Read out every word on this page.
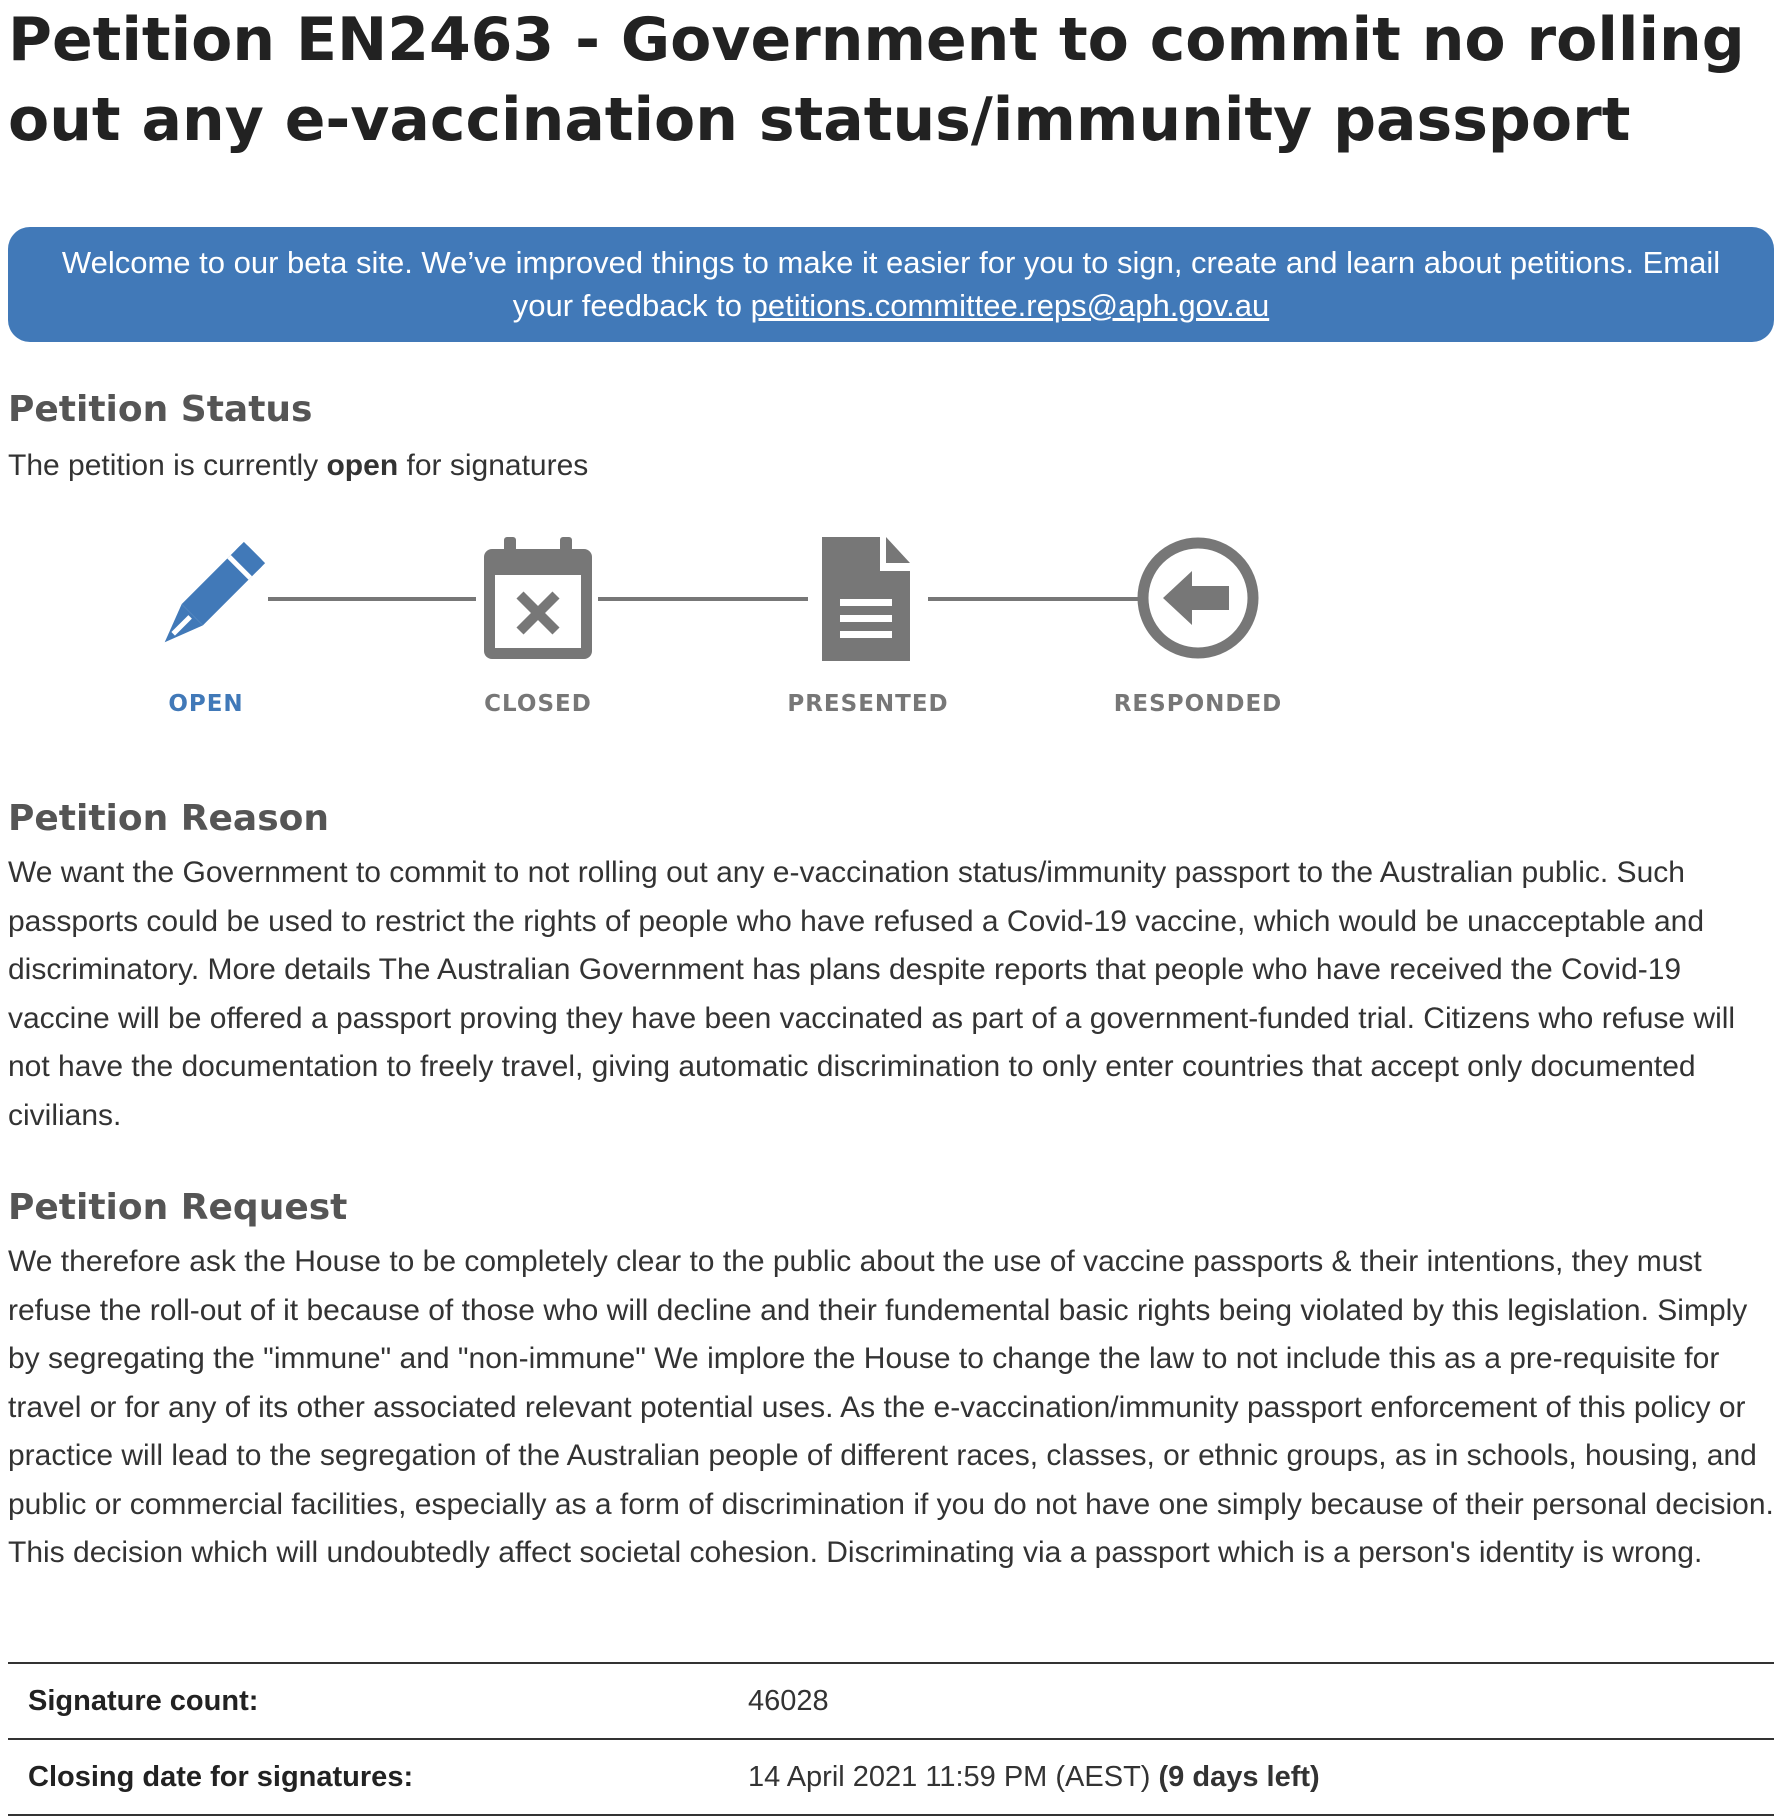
Petition EN2463 - Government to commit no rolling out any e-vaccination status/immunity passport
Welcome to our beta site. We’ve improved things to make it easier for you to sign, create and learn about petitions. Email your feedback to petitions.committee.reps@aph.gov.au
Petition Status
The petition is currently open for signatures
OPEN	CLOSED	PRESENTED	RESPONDED
Petition Reason

We want the Government to commit to not rolling out any e-vaccination status/immunity passport to the Australian public. Such passports could be used to restrict the rights of people who have refused a Covid-19 vaccine, which would be unacceptable and discriminatory. More details The Australian Government has plans despite reports that people who have received the Covid-19 vaccine will be offered a passport proving they have been vaccinated as part of a government-funded trial. Citizens who refuse will not have the documentation to freely travel, giving automatic discrimination to only enter countries that accept only documented civilians.

Petition Request

We therefore ask the House to be completely clear to the public about the use of vaccine passports & their intentions, they must refuse the roll-out of it because of those who will decline and their fundemental basic rights being violated by this legislation. Simply by segregating the "immune" and "non-immune" We implore the House to change the law to not include this as a pre-requisite for travel or for any of its other associated relevant potential uses. As the e-vaccination/immunity passport enforcement of this policy or practice will lead to the segregation of the Australian people of different races, classes, or ethnic groups, as in schools, housing, and public or commercial facilities, especially as a form of discrimination if you do not have one simply because of their personal decision. This decision which will undoubtedly affect societal cohesion. Discriminating via a passport which is a person's identity is wrong.

Signature count:	46028
Closing date for signatures:	14 April 2021 11:59 PM (AEST) (9 days left)
